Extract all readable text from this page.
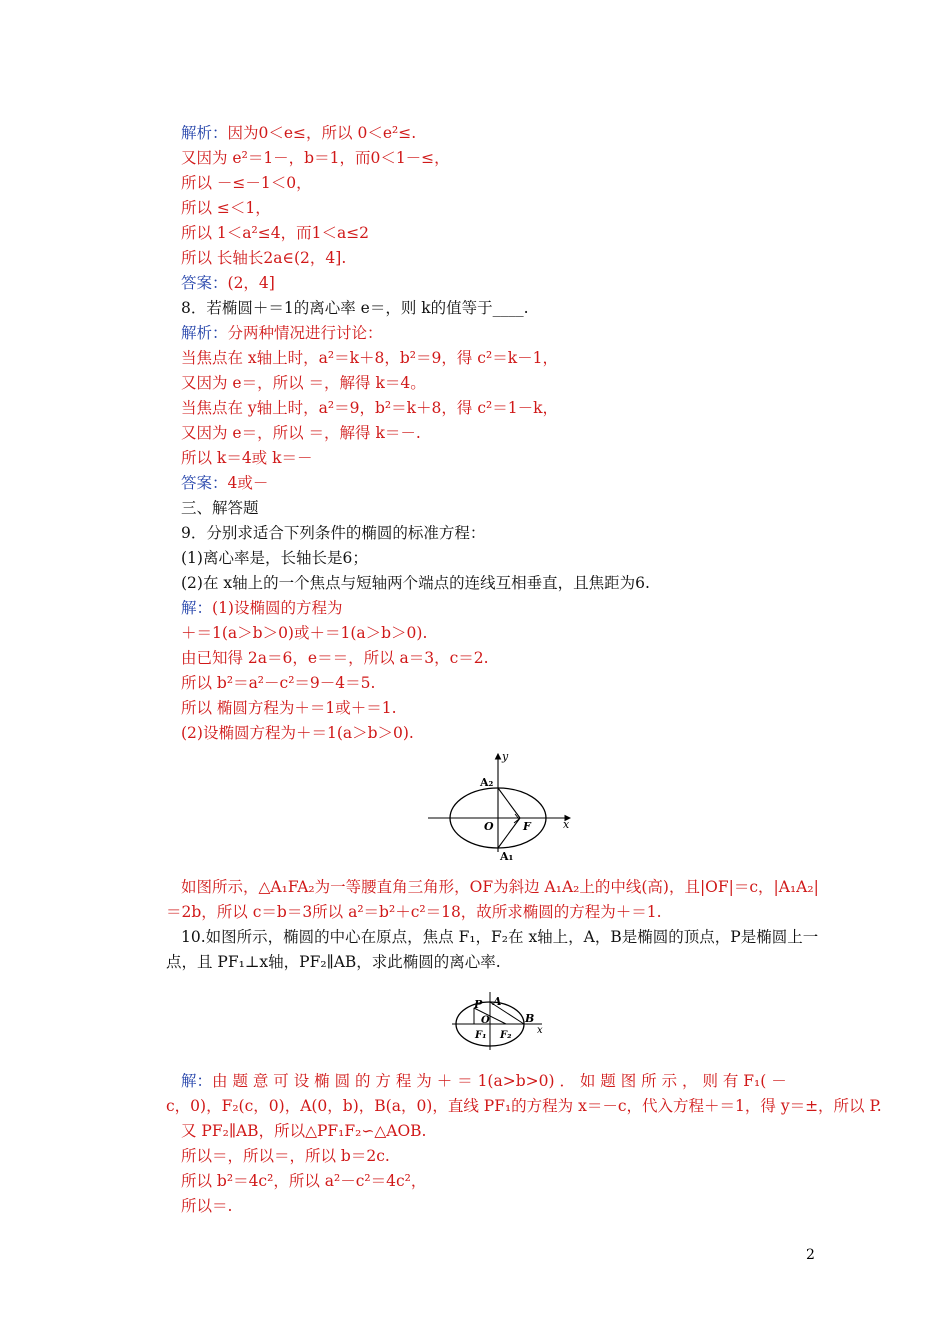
解析：因为0＜e≤，所以 0＜e²≤.
又因为 e²＝1－，b＝1，而0＜1－≤，
所以 －≤－1＜0，
所以 ≤＜1，
所以 1＜a²≤4，而1＜a≤2
所以 长轴长2a∈(2，4].
答案：(2，4]
8．若椭圆＋＝1的离心率 e＝，则 k的值等于____.
解析：分两种情况进行讨论：
当焦点在 x轴上时，a²＝k＋8，b²＝9，得 c²＝k－1，
又因为 e＝，所以 ＝，解得 k＝4。
当焦点在 y轴上时，a²＝9，b²＝k＋8，得 c²＝1－k，
又因为 e＝，所以 ＝，解得 k＝－.
所以 k＝4或 k＝－
答案：4或－
三、解答题
9．分别求适合下列条件的椭圆的标准方程：
(1)离心率是，长轴长是6；
(2)在 x轴上的一个焦点与短轴两个端点的连线互相垂直，且焦距为6.
解：(1)设椭圆的方程为
＋＝1(a＞b＞0)或＋＝1(a＞b＞0).
由已知得 2a＝6，e＝＝，所以 a＝3，c＝2.
所以 b²＝a²－c²＝9－4＝5.
所以 椭圆方程为＋＝1或＋＝1.
(2)设椭圆方程为＋＝1(a＞b＞0).
y
x
A₂
O	F
A₁
如图所示，△A₁FA₂为一等腰直角三角形，OF为斜边 A₁A₂上的中线(高)，且|OF|＝c，|A₁A₂|
＝2b，所以 c＝b＝3所以 a²＝b²＋c²＝18，故所求椭圆的方程为＋＝1.
10.如图所示，椭圆的中心在原点，焦点 F₁，F₂在 x轴上，A，B是椭圆的顶点，P是椭圆上一
点，且 PF₁⊥x轴，PF₂∥AB，求此椭圆的离心率.
P A
B
O
F₁ F₂	x
解：由 题 意 可 设 椭 圆 的 方 程 为 ＋ ＝ 1(a>b>0) ． 如 题 图 所 示 ， 则 有 F₁( －
c，0)，F₂(c，0)，A(0，b)，B(a，0)，直线 PF₁的方程为 x＝－c，代入方程＋＝1，得 y＝±，所以 P.
又 PF₂∥AB，所以△PF₁F₂∽△AOB.
所以＝，所以＝，所以 b＝2c.
所以 b²＝4c²，所以 a²－c²＝4c²，
所以＝.
2
